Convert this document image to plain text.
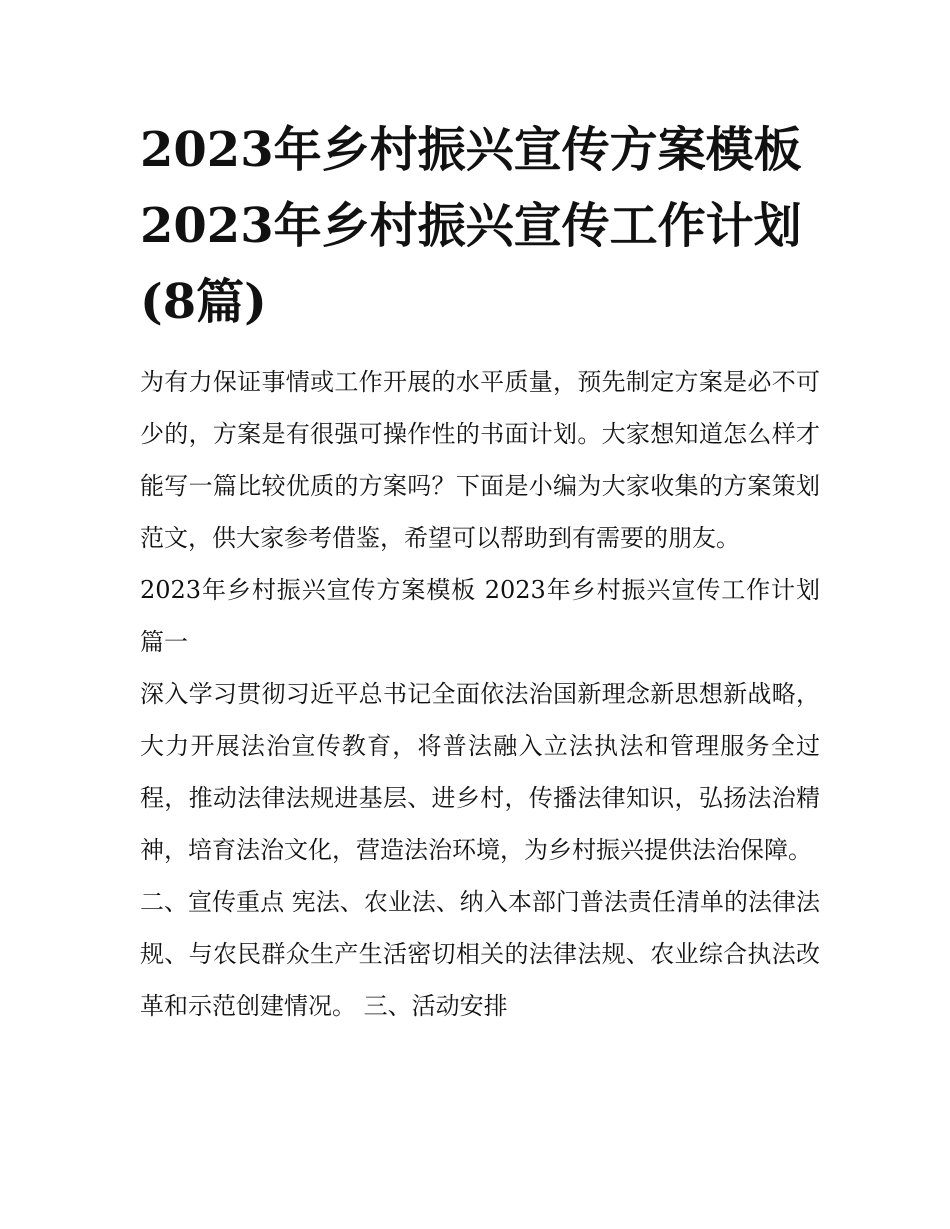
2023年乡村振兴宣传方案模板
2023年乡村振兴宣传工作计划
(8篇)

为有力保证事情或工作开展的水平质量，预先制定方案是必不可少的，方案是有很强可操作性的书面计划。大家想知道怎么样才能写一篇比较优质的方案吗？下面是小编为大家收集的方案策划范文，供大家参考借鉴，希望可以帮助到有需要的朋友。

2023年乡村振兴宣传方案模板 2023年乡村振兴宣传工作计划篇一

深入学习贯彻习近平总书记全面依法治国新理念新思想新战略，大力开展法治宣传教育，将普法融入立法执法和管理服务全过程，推动法律法规进基层、进乡村，传播法律知识，弘扬法治精神，培育法治文化，营造法治环境，为乡村振兴提供法治保障。

二、宣传重点 宪法、农业法、纳入本部门普法责任清单的法律法规、与农民群众生产生活密切相关的法律法规、农业综合执法改革和示范创建情况。 三、活动安排
